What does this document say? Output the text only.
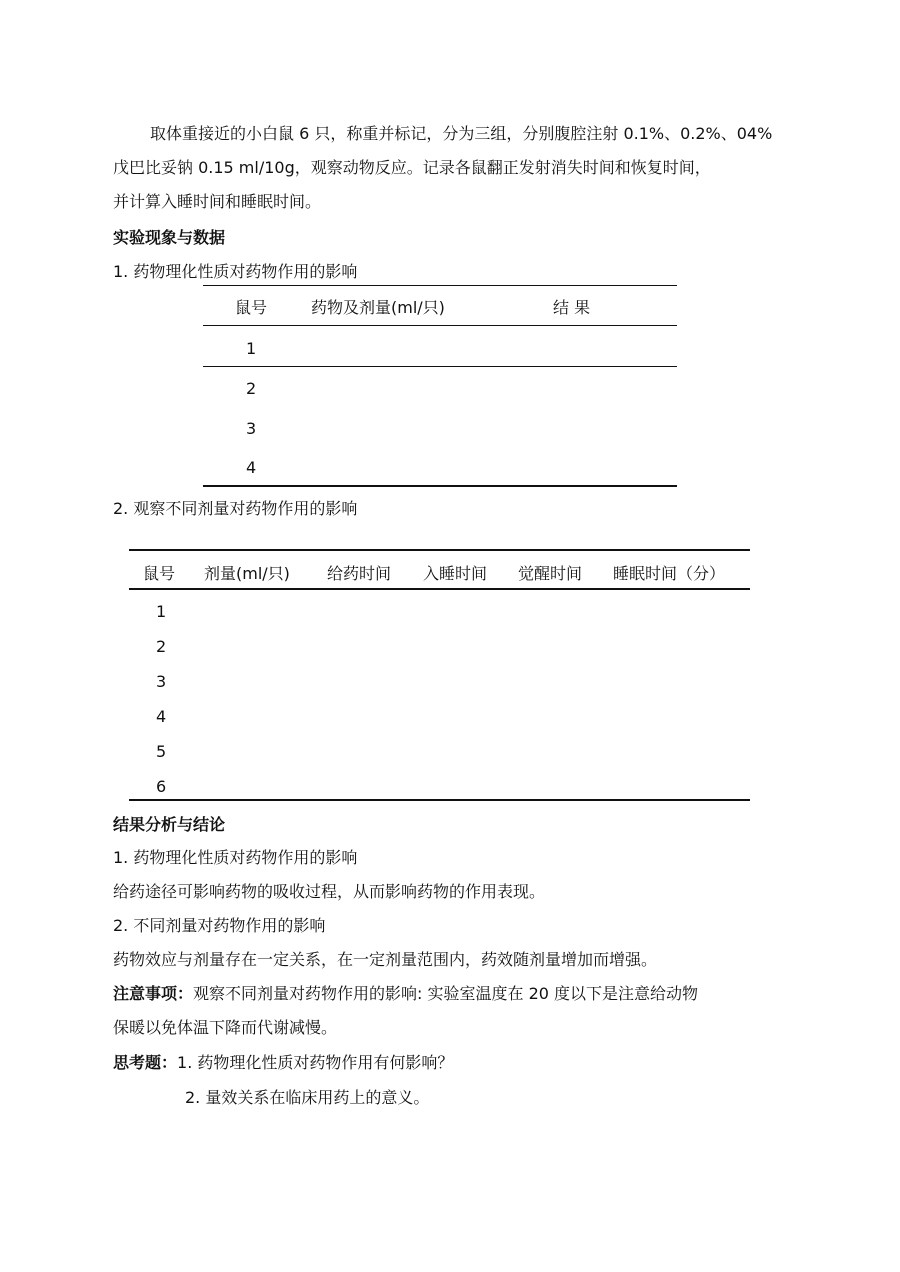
取体重接近的小白鼠 6 只，称重并标记，分为三组，分别腹腔注射 0.1%、0.2%、04%
戊巴比妥钠 0.15 ml/10g，观察动物反应。记录各鼠翻正发射消失时间和恢复时间，
并计算入睡时间和睡眠时间。
实验现象与数据
1. 药物理化性质对药物作用的影响
鼠号	药物及剂量(ml/只)	结 果
1
2
3
4
2. 观察不同剂量对药物作用的影响
鼠号 剂量(ml/只) 给药时间 入睡时间 觉醒时间 睡眠时间（分）
1
2
3
4
5
6
结果分析与结论
1. 药物理化性质对药物作用的影响
给药途径可影响药物的吸收过程，从而影响药物的作用表现。
2. 不同剂量对药物作用的影响
药物效应与剂量存在一定关系，在一定剂量范围内，药效随剂量增加而增强。
注意事项：观察不同剂量对药物作用的影响: 实验室温度在 20 度以下是注意给动物
保暖以免体温下降而代谢减慢。
思考题：1. 药物理化性质对药物作用有何影响？
2. 量效关系在临床用药上的意义。
